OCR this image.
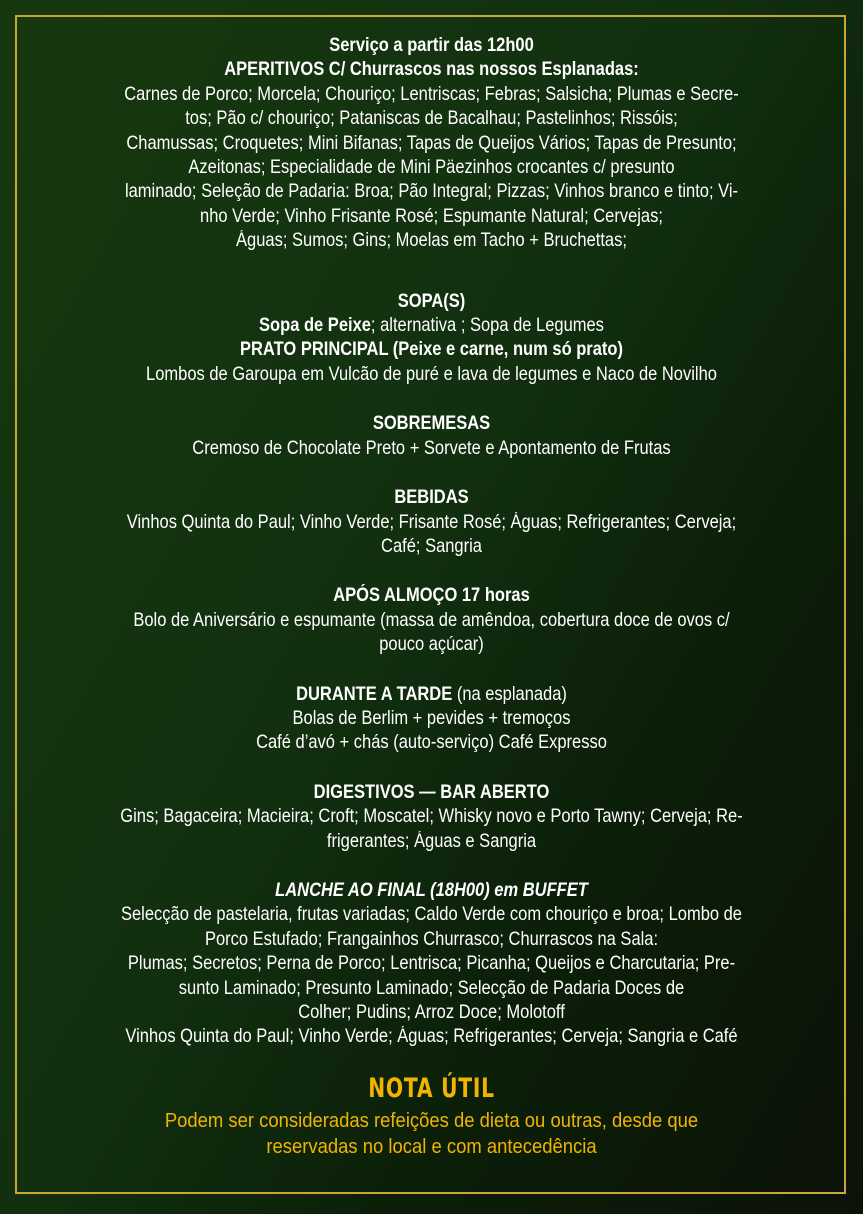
Serviço a partir das 12h00
APERITIVOS C/ Churrascos nas nossos Esplanadas:
Carnes de Porco; Morcela; Chouriço; Lentriscas; Febras; Salsicha; Plumas e Secre-
tos; Pão c/ chouriço; Pataniscas de Bacalhau; Pastelinhos; Rissóis;
Chamussas; Croquetes; Mini Bifanas; Tapas de Queijos Vários; Tapas de Presunto;
Azeitonas; Especialidade de Mini Päezinhos crocantes c/ presunto
laminado; Seleção de Padaria: Broa; Pão Integral; Pizzas; Vinhos branco e tinto; Vi-
nho Verde; Vinho Frisante Rosé; Espumante Natural; Cervejas;
Águas; Sumos; Gins; Moelas em Tacho + Bruchettas;
SOPA(S)
Sopa de Peixe; alternativa ; Sopa de Legumes
PRATO PRINCIPAL (Peixe e carne, num só prato)
Lombos de Garoupa em Vulcão de puré e lava de legumes e Naco de Novilho
SOBREMESAS
Cremoso de Chocolate Preto + Sorvete e Apontamento de Frutas
BEBIDAS
Vinhos Quinta do Paul; Vinho Verde; Frisante Rosé; Águas; Refrigerantes; Cerveja;
Café; Sangria
APÓS ALMOÇO 17 horas
Bolo de Aniversário e espumante (massa de amêndoa, cobertura doce de ovos c/
pouco açúcar)
DURANTE A TARDE (na esplanada)
Bolas de Berlim + pevides + tremoços
Café d’avó + chás (auto-serviço) Café Expresso
DIGESTIVOS — BAR ABERTO
Gins; Bagaceira; Macieira; Croft; Moscatel; Whisky novo e Porto Tawny; Cerveja; Re-
frigerantes; Águas e Sangria
LANCHE AO FINAL (18H00) em BUFFET
Selecção de pastelaria, frutas variadas; Caldo Verde com chouriço e broa; Lombo de
Porco Estufado; Frangainhos Churrasco; Churrascos na Sala:
Plumas; Secretos; Perna de Porco; Lentrisca; Picanha; Queijos e Charcutaria; Pre-
sunto Laminado; Presunto Laminado; Selecção de Padaria Doces de
Colher; Pudins; Arroz Doce; Molotoff
Vinhos Quinta do Paul; Vinho Verde; Águas; Refrigerantes; Cerveja; Sangria e Café
NOTA ÚTIL
Podem ser consideradas refeições de dieta ou outras, desde que
reservadas no local e com antecedência
